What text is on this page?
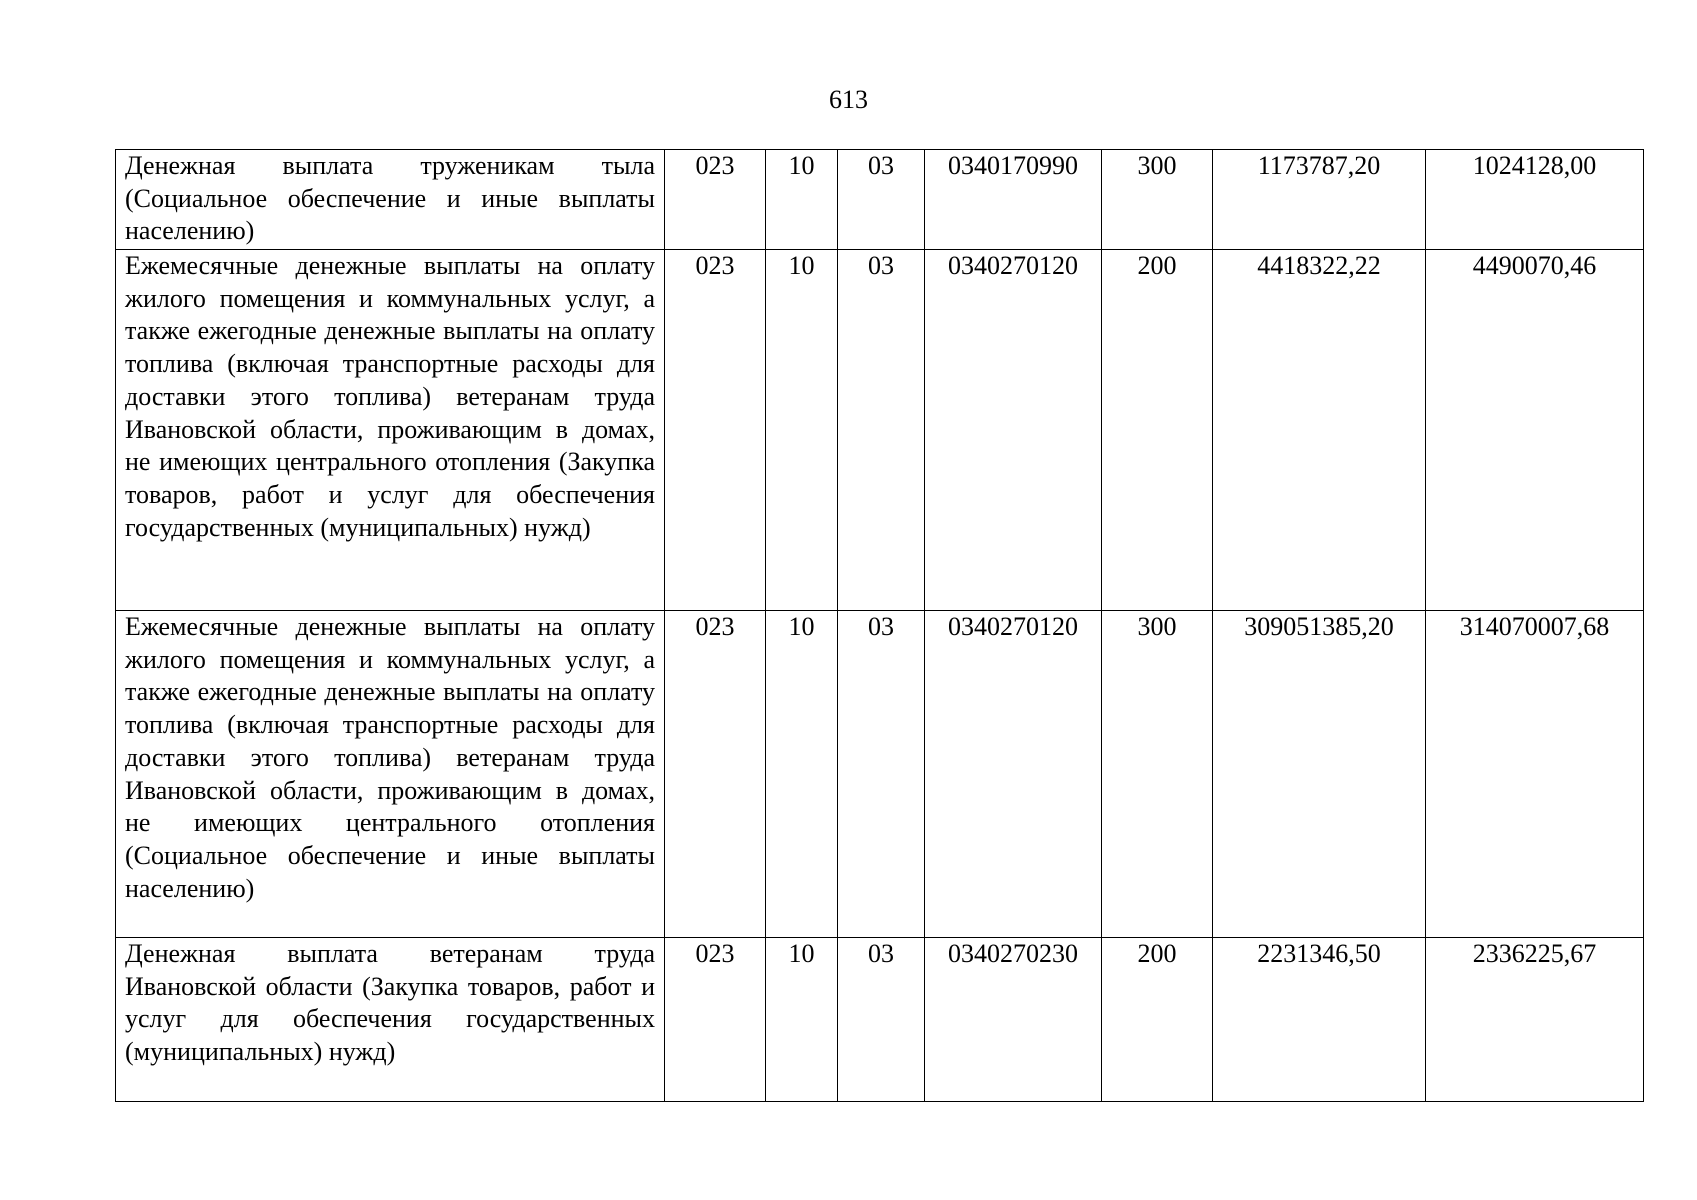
613
Денежная выплата труженикам тыла (Социальное обеспечение и иные выплаты населению)	023	10	03	0340170990	300	1173787,20	1024128,00
Ежемесячные денежные выплаты на оплату жилого помещения и коммунальных услуг, а также ежегодные денежные выплаты на оплату топлива (включая транспортные расходы для доставки этого топлива) ветеранам труда Ивановской области, проживающим в домах, не имеющих центрального отопления (Закупка товаров, работ и услуг для обеспечения государственных (муниципальных) нужд)	023	10	03	0340270120	200	4418322,22	4490070,46
Ежемесячные денежные выплаты на оплату жилого помещения и коммунальных услуг, а также ежегодные денежные выплаты на оплату топлива (включая транспортные расходы для доставки этого топлива) ветеранам труда Ивановской области, проживающим в домах, не имеющих центрального отопления (Социальное обеспечение и иные выплаты населению)	023	10	03	0340270120	300	309051385,20	314070007,68
Денежная выплата ветеранам труда Ивановской области (Закупка товаров, работ и услуг для обеспечения государственных (муниципальных) нужд)	023	10	03	0340270230	200	2231346,50	2336225,67
